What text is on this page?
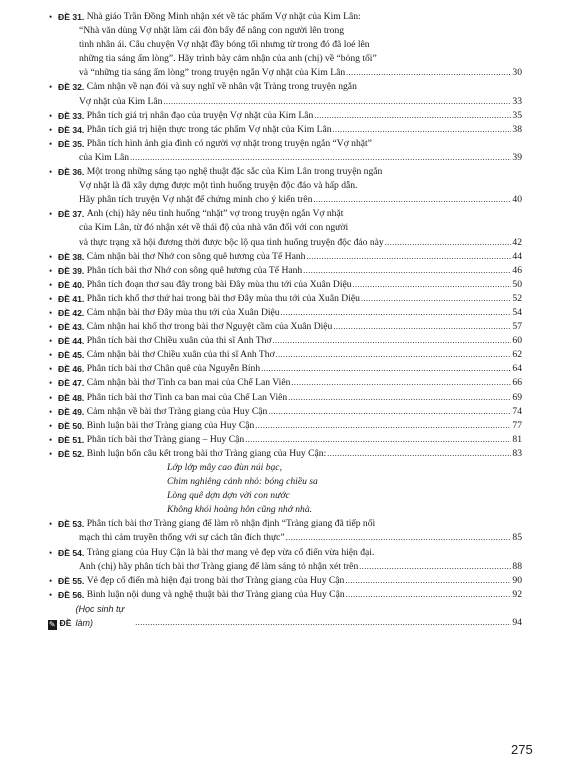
• ĐỀ 31.
Nhà giáo Trần Đồng Minh nhận xét về tác phẩm Vợ nhặt của Kim Lân:
“Nhà văn dùng Vợ nhặt làm cái đòn bẩy để nâng con người lên trong
tình nhân ái. Câu chuyện Vợ nhặt đầy bóng tối nhưng từ trong đó đã loé lên
những tia sáng ấm lòng”. Hãy trình bày cảm nhận của anh (chị) về “bóng tối”
và “những tia sáng ấm lòng” trong truyện ngắn Vợ nhặt của Kim Lân .....	30
• ĐỀ 32.
Cảm nhận về nạn đói và suy nghĩ về nhân vật Tràng trong truyện ngắn
Vợ nhặt của Kim Lân .....	33
• ĐỀ 33.
Phân tích giá trị nhân đạo của truyện Vợ nhặt của Kim Lân .....	35
• ĐỀ 34.
Phân tích giá trị hiện thực trong tác phẩm Vợ nhặt của Kim Lân .....	38
• ĐỀ 35.
Phân tích hình ảnh gia đình có người vợ nhặt trong truyện ngắn “Vợ nhặt”
của Kim Lân .....	39
• ĐỀ 36.
Một trong những sáng tạo nghệ thuật đặc sắc của Kim Lân trong truyện ngắn
Vợ nhặt là đã xây dựng được một tình huống truyện độc đáo và hấp dẫn.
Hãy phân tích truyện Vợ nhặt để chứng minh cho ý kiến trên .....	40
• ĐỀ 37.
Anh (chị) hãy nêu tình huống “nhặt” vợ trong truyện ngắn Vợ nhặt
của Kim Lân, từ đó nhận xét về thái độ của nhà văn đối với con người
và thực trạng xã hội đương thời được bộc lộ qua tình huống truyện độc đáo này .....	42
• ĐỀ 38.
Cảm nhận bài thơ Nhớ con sông quê hương của Tế Hanh .....	44
• ĐỀ 39.
Phân tích bài thơ Nhớ con sông quê hương của Tế Hanh .....	46
• ĐỀ 40.
Phân tích đoạn thơ sau đây trong bài Đây mùa thu tới của Xuân Diệu .....	50
• ĐỀ 41.
Phân tích khổ thơ thứ hai trong bài thơ Đây mùa thu tới của Xuân Diệu .....	52
• ĐỀ 42.
Cảm nhận bài thơ Đây mùa thu tới của Xuân Diệu .....	54
• ĐỀ 43.
Cảm nhận hai khổ thơ trong bài thơ Nguyệt cầm của Xuân Diệu .....	57
• ĐỀ 44.
Phân tích bài thơ Chiều xuân của thi sĩ Anh Thơ .....	60
• ĐỀ 45.
Cảm nhận bài thơ Chiều xuân của thi sĩ Anh Thơ .....	62
• ĐỀ 46.
Phân tích bài thơ Chân quê của Nguyễn Bính .....	64
• ĐỀ 47.
Cảm nhận bài thơ Tình ca ban mai của Chế Lan Viên .....	66
• ĐỀ 48.
Phân tích bài thơ Tình ca ban mai của Chế Lan Viên .....	69
• ĐỀ 49.
Cảm nhận về bài thơ Tràng giang của Huy Cận .....	74
• ĐỀ 50.
Bình luận bài thơ Tràng giang của Huy Cận .....	77
• ĐỀ 51.
Phân tích bài thơ Tràng giang – Huy Cận .....	81
• ĐỀ 52.
Bình luận bốn câu kết trong bài thơ Tràng giang của Huy Cận: .....	83
Lớp lớp mây cao đùn núi bạc,
Chim nghiêng cánh nhỏ: bóng chiều sa
Lòng quê dợn dợn vời con nước
Không khói hoàng hôn cũng nhớ nhà.
• ĐỀ 53.
Phân tích bài thơ Tràng giang để làm rõ nhận định “Tràng giang đã tiếp nối
mạch thi cảm truyền thống với sự cách tân đích thực” .....	85
• ĐỀ 54.
Tràng giang của Huy Cận là bài thơ mang vẻ đẹp vừa cổ điển vừa hiện đại.
Anh (chị) hãy phân tích bài thơ Tràng giang để làm sáng tỏ nhận xét trên .....	88
• ĐỀ 55.
Vẻ đẹp cổ điển mà hiện đại trong bài thơ Tràng giang của Huy Cận .....	90
• ĐỀ 56.
Bình luận nội dung và nghệ thuật bài thơ Tràng giang của Huy Cận .....	92
✎ ĐỀ
(Học sinh tự làm) .....	94
275
